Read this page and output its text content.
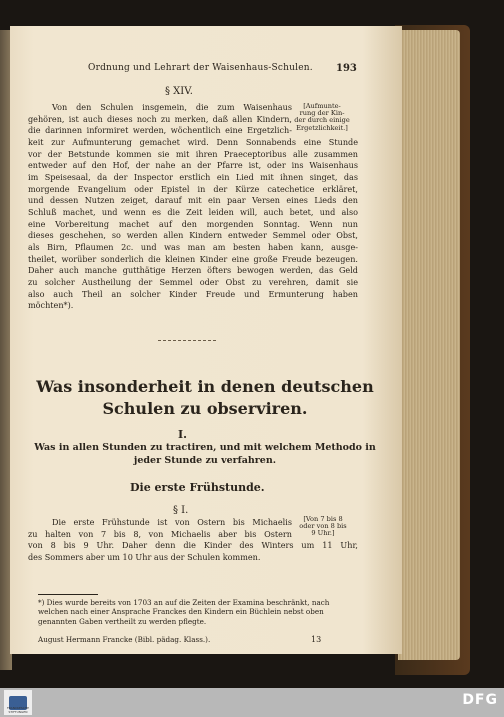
Ordnung und Lehrart der Waisenhaus-Schulen.	193
§ XIV.
[Aufmunte-
rung der Kin-
der durch einige
Ergetzlichkeit.]
Von den Schulen insgemein, die zum Waisenhaus
gehören, ist auch dieses noch zu merken, daß allen Kindern,
die darinnen informiret werden, wöchentlich eine Ergetzlich-
keit zur Aufmunterung gemachet wird. Denn Sonnabends eine Stunde
vor der Betstunde kommen sie mit ihren Praeceptoribus alle zusammen
entweder auf den Hof, der nahe an der Pfarre ist, oder ins Waisenhaus
im Speisesaal, da der Inspector erstlich ein Lied mit ihnen singet, das
morgende Evangelium oder Epistel in der Kürze catechetice erkläret,
und dessen Nutzen zeiget, darauf mit ein paar Versen eines Lieds den
Schluß machet, und wenn es die Zeit leiden will, auch betet, und also
eine Vorbereitung machet auf den morgenden Sonntag. Wenn nun
dieses geschehen, so werden allen Kindern entweder Semmel oder Obst,
als Birn, Pflaumen 2c. und was man am besten haben kann, ausge-
theilet, worüber sonderlich die kleinen Kinder eine große Freude bezeugen.
Daher auch manche gutthätige Herzen öfters bewogen werden, das Geld
zu solcher Austheilung der Semmel oder Obst zu verehren, damit sie
also auch Theil an solcher Kinder Freude und Ermunterung haben
möchten*).
Was insonderheit in denen deutschen Schulen zu observiren.
I.
Was in allen Stunden zu tractiren, und mit welchem Methodo in jeder Stunde zu verfahren.
Die erste Frühstunde.
§ I.
[Von 7 bis 8
oder von 8 bis
9 Uhr.]
Die erste Frühstunde ist von Ostern bis Michaelis
zu halten von 7 bis 8, von Michaelis aber bis Ostern
von 8 bis 9 Uhr. Daher denn die Kinder des Winters um 11 Uhr,
des Sommers aber um 10 Uhr aus der Schulen kommen.
*) Dies wurde bereits von 1703 an auf die Zeiten der Examina beschränkt, nach welchen nach einer Ansprache Franckes den Kindern ein Büchlein nebst oben genannten Gaben vertheilt zu werden pflegte.
August Hermann Francke (Bibl. pädag. Klass.).	13
FRANCKESCHE STIFTUNGEN
DFG
